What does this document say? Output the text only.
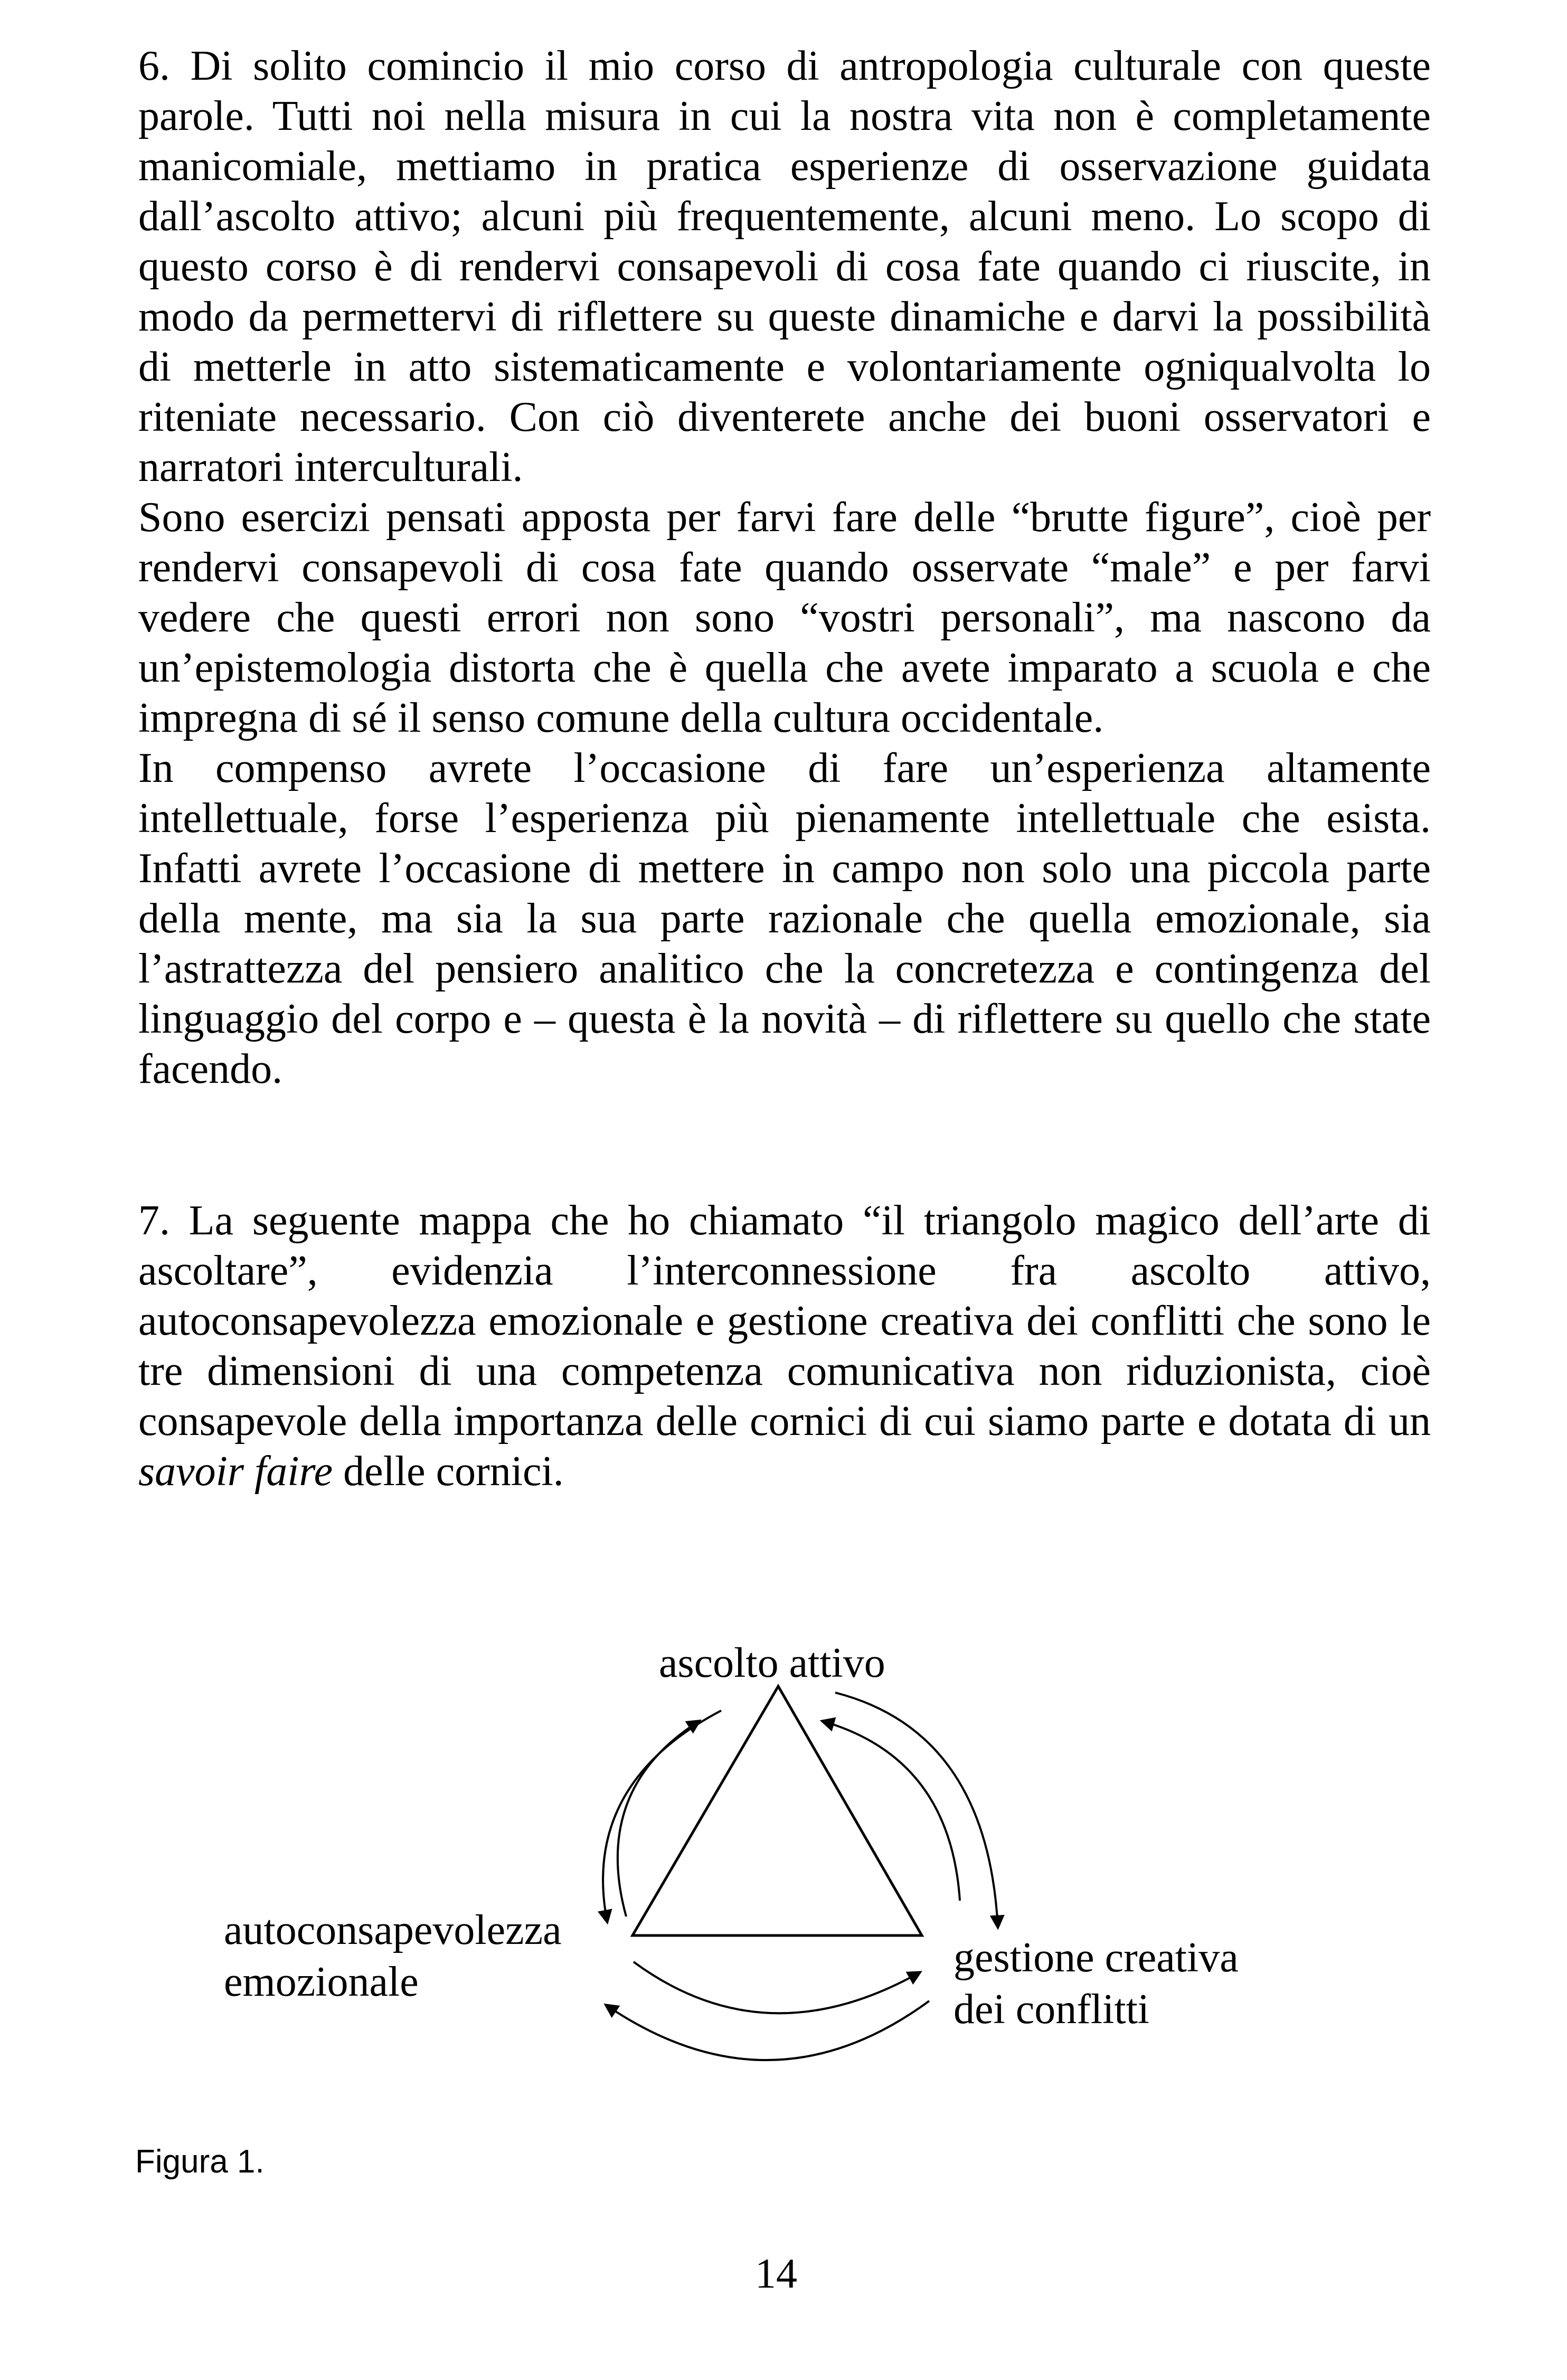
6. Di solito comincio il mio corso di antropologia culturale con queste parole. Tutti noi nella misura in cui la nostra vita non è completamente manicomiale, mettiamo in pratica esperienze di osservazione guidata dall’ascolto attivo; alcuni più frequentemente, alcuni meno. Lo scopo di questo corso è di rendervi consapevoli di cosa fate quando ci riuscite, in modo da permettervi di riflettere su queste dinamiche e darvi la possibilità di metterle in atto sistematicamente e volontariamente ogniqualvolta lo riteniate necessario. Con ciò diventerete anche dei buoni osservatori e narratori interculturali.

Sono esercizi pensati apposta per farvi fare delle “brutte figure”, cioè per rendervi consapevoli di cosa fate quando osservate “male” e per farvi vedere che questi errori non sono “vostri personali”, ma nascono da un’epistemologia distorta che è quella che avete imparato a scuola e che impregna di sé il senso comune della cultura occidentale.

In compenso avrete l’occasione di fare un’esperienza altamente intellettuale, forse l’esperienza più pienamente intellettuale che esista. Infatti avrete l’occasione di mettere in campo non solo una piccola parte della mente, ma sia la sua parte razionale che quella emozionale, sia l’astrattezza del pensiero analitico che la concretezza e contingenza del linguaggio del corpo e – questa è la novità – di riflettere su quello che state facendo.

7. La seguente mappa che ho chiamato “il triangolo magico dell’arte di ascoltare”, evidenzia l’interconnessione fra ascolto attivo, autoconsapevolezza emozionale e gestione creativa dei conflitti che sono le tre dimensioni di una competenza comunicativa non riduzionista, cioè consapevole della importanza delle cornici di cui siamo parte e dotata di un savoir faire delle cornici.

ascolto attivo
autoconsapevolezza
emozionale
gestione creativa
dei conflitti
Figura 1.
14
